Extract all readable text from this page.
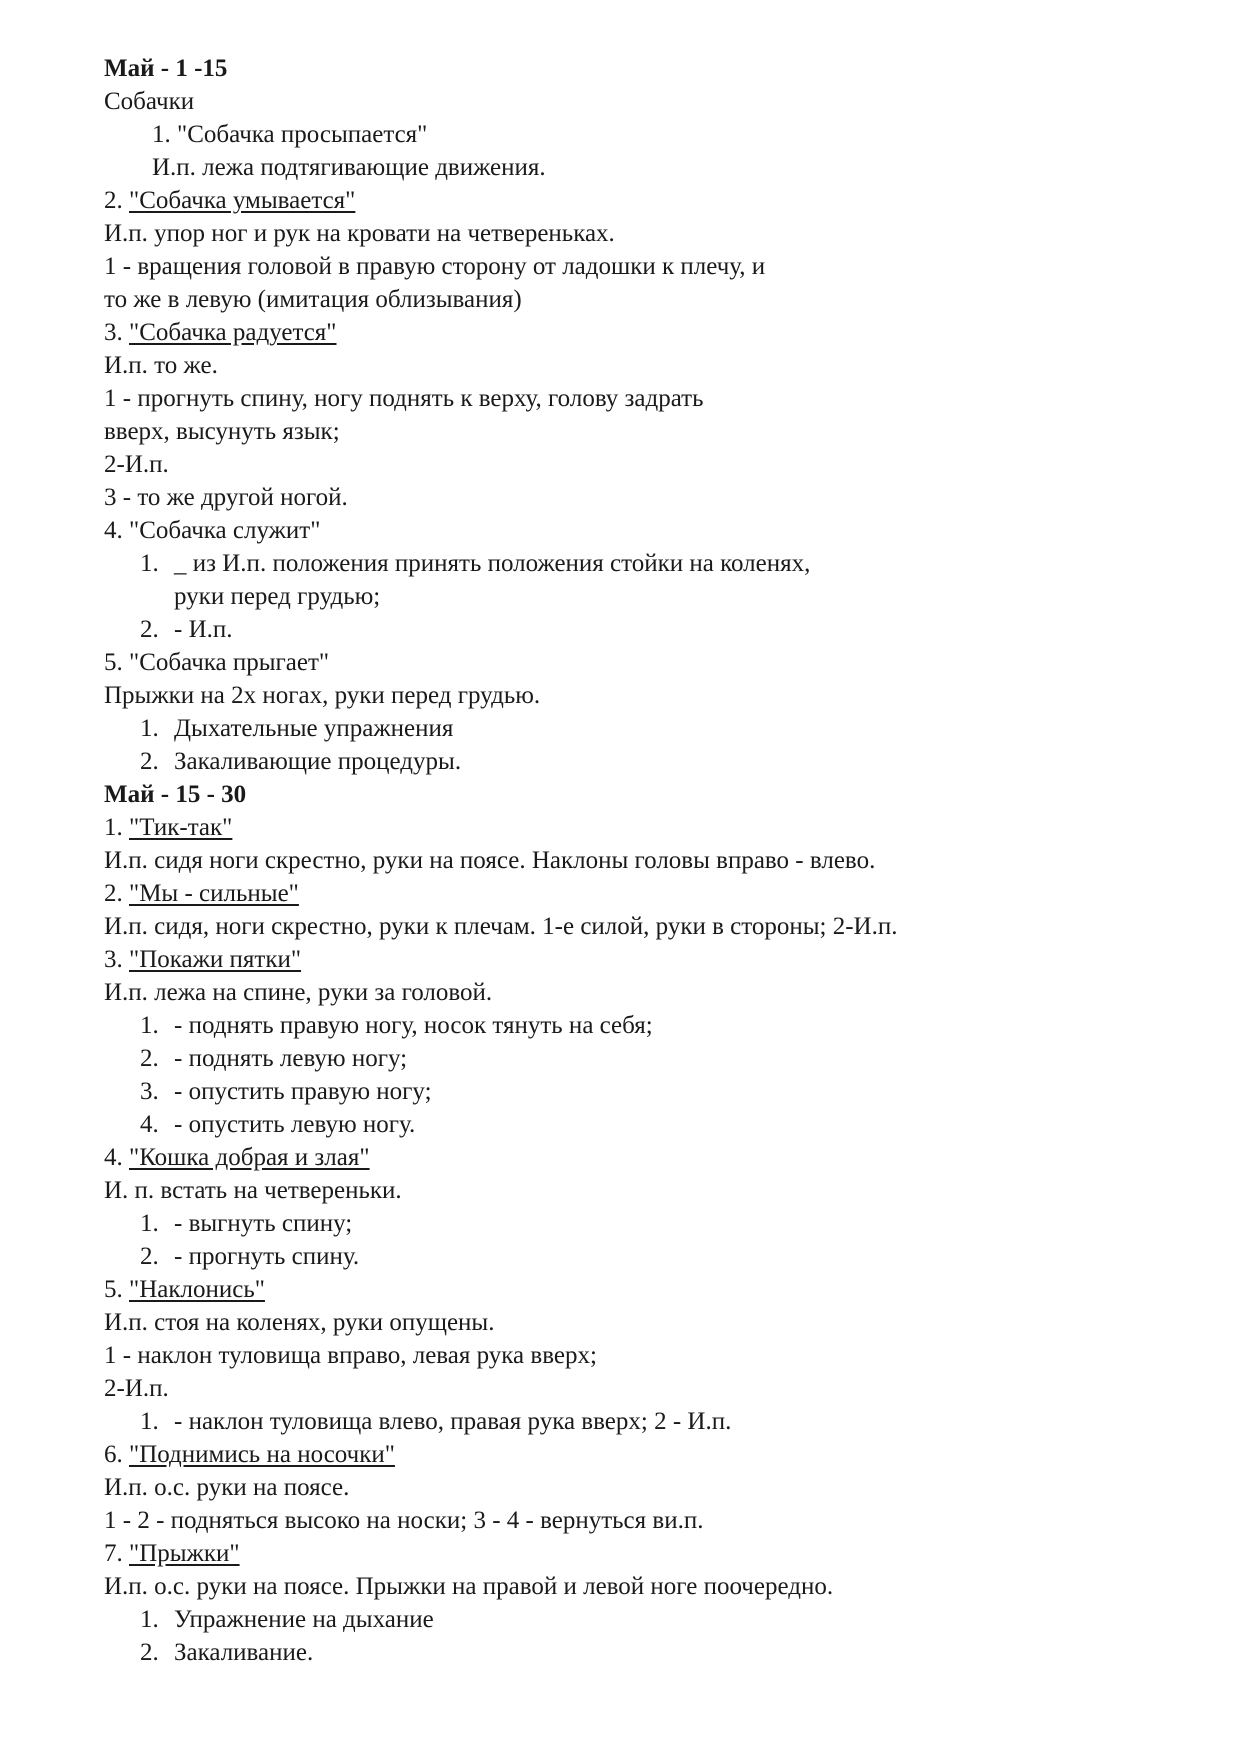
Май - 1 -15
Собачки
1. "Собачка просыпается"
И.п. лежа подтягивающие движения.
2. "Собачка умывается"
И.п. упор ног и рук на кровати на четвереньках.
1 - вращения головой в правую сторону от ладошки к плечу, и
то же в левую (имитация облизывания)
3. "Собачка радуется"
И.п. то же.
1 - прогнуть спину, ногу поднять к верху, голову задрать
вверх, высунуть язык;
2-И.п.
3 - то же другой ногой.
4. "Собачка служит"
1. _ из И.п. положения принять положения стойки на коленях,
руки перед грудью;
2. - И.п.
5. "Собачка прыгает"
Прыжки на 2х ногах, руки перед грудью.
1. Дыхательные упражнения
2. Закаливающие процедуры.
Май - 15 - 30
1. "Тик-так"
И.п. сидя ноги скрестно, руки на поясе. Наклоны головы вправо - влево.
2. "Мы - сильные"
И.п. сидя, ноги скрестно, руки к плечам. 1-е силой, руки в стороны; 2-И.п.
3. "Покажи пятки"
И.п. лежа на спине, руки за головой.
1. - поднять правую ногу, носок тянуть на себя;
2. - поднять левую ногу;
3. - опустить правую ногу;
4. - опустить левую ногу.
4. "Кошка добрая и злая"
И. п. встать на четвереньки.
1. - выгнуть спину;
2. - прогнуть спину.
5. "Наклонись"
И.п. стоя на коленях, руки опущены.
1 - наклон туловища вправо, левая рука вверх;
2-И.п.
1. - наклон туловища влево, правая рука вверх; 2 - И.п.
6. "Поднимись на носочки"
И.п. о.с. руки на поясе.
1 - 2 - подняться высоко на носки; 3 - 4 - вернуться ви.п.
7. "Прыжки"
И.п. о.с. руки на поясе. Прыжки на правой и левой ноге поочередно.
1. Упражнение на дыхание
2. Закаливание.
